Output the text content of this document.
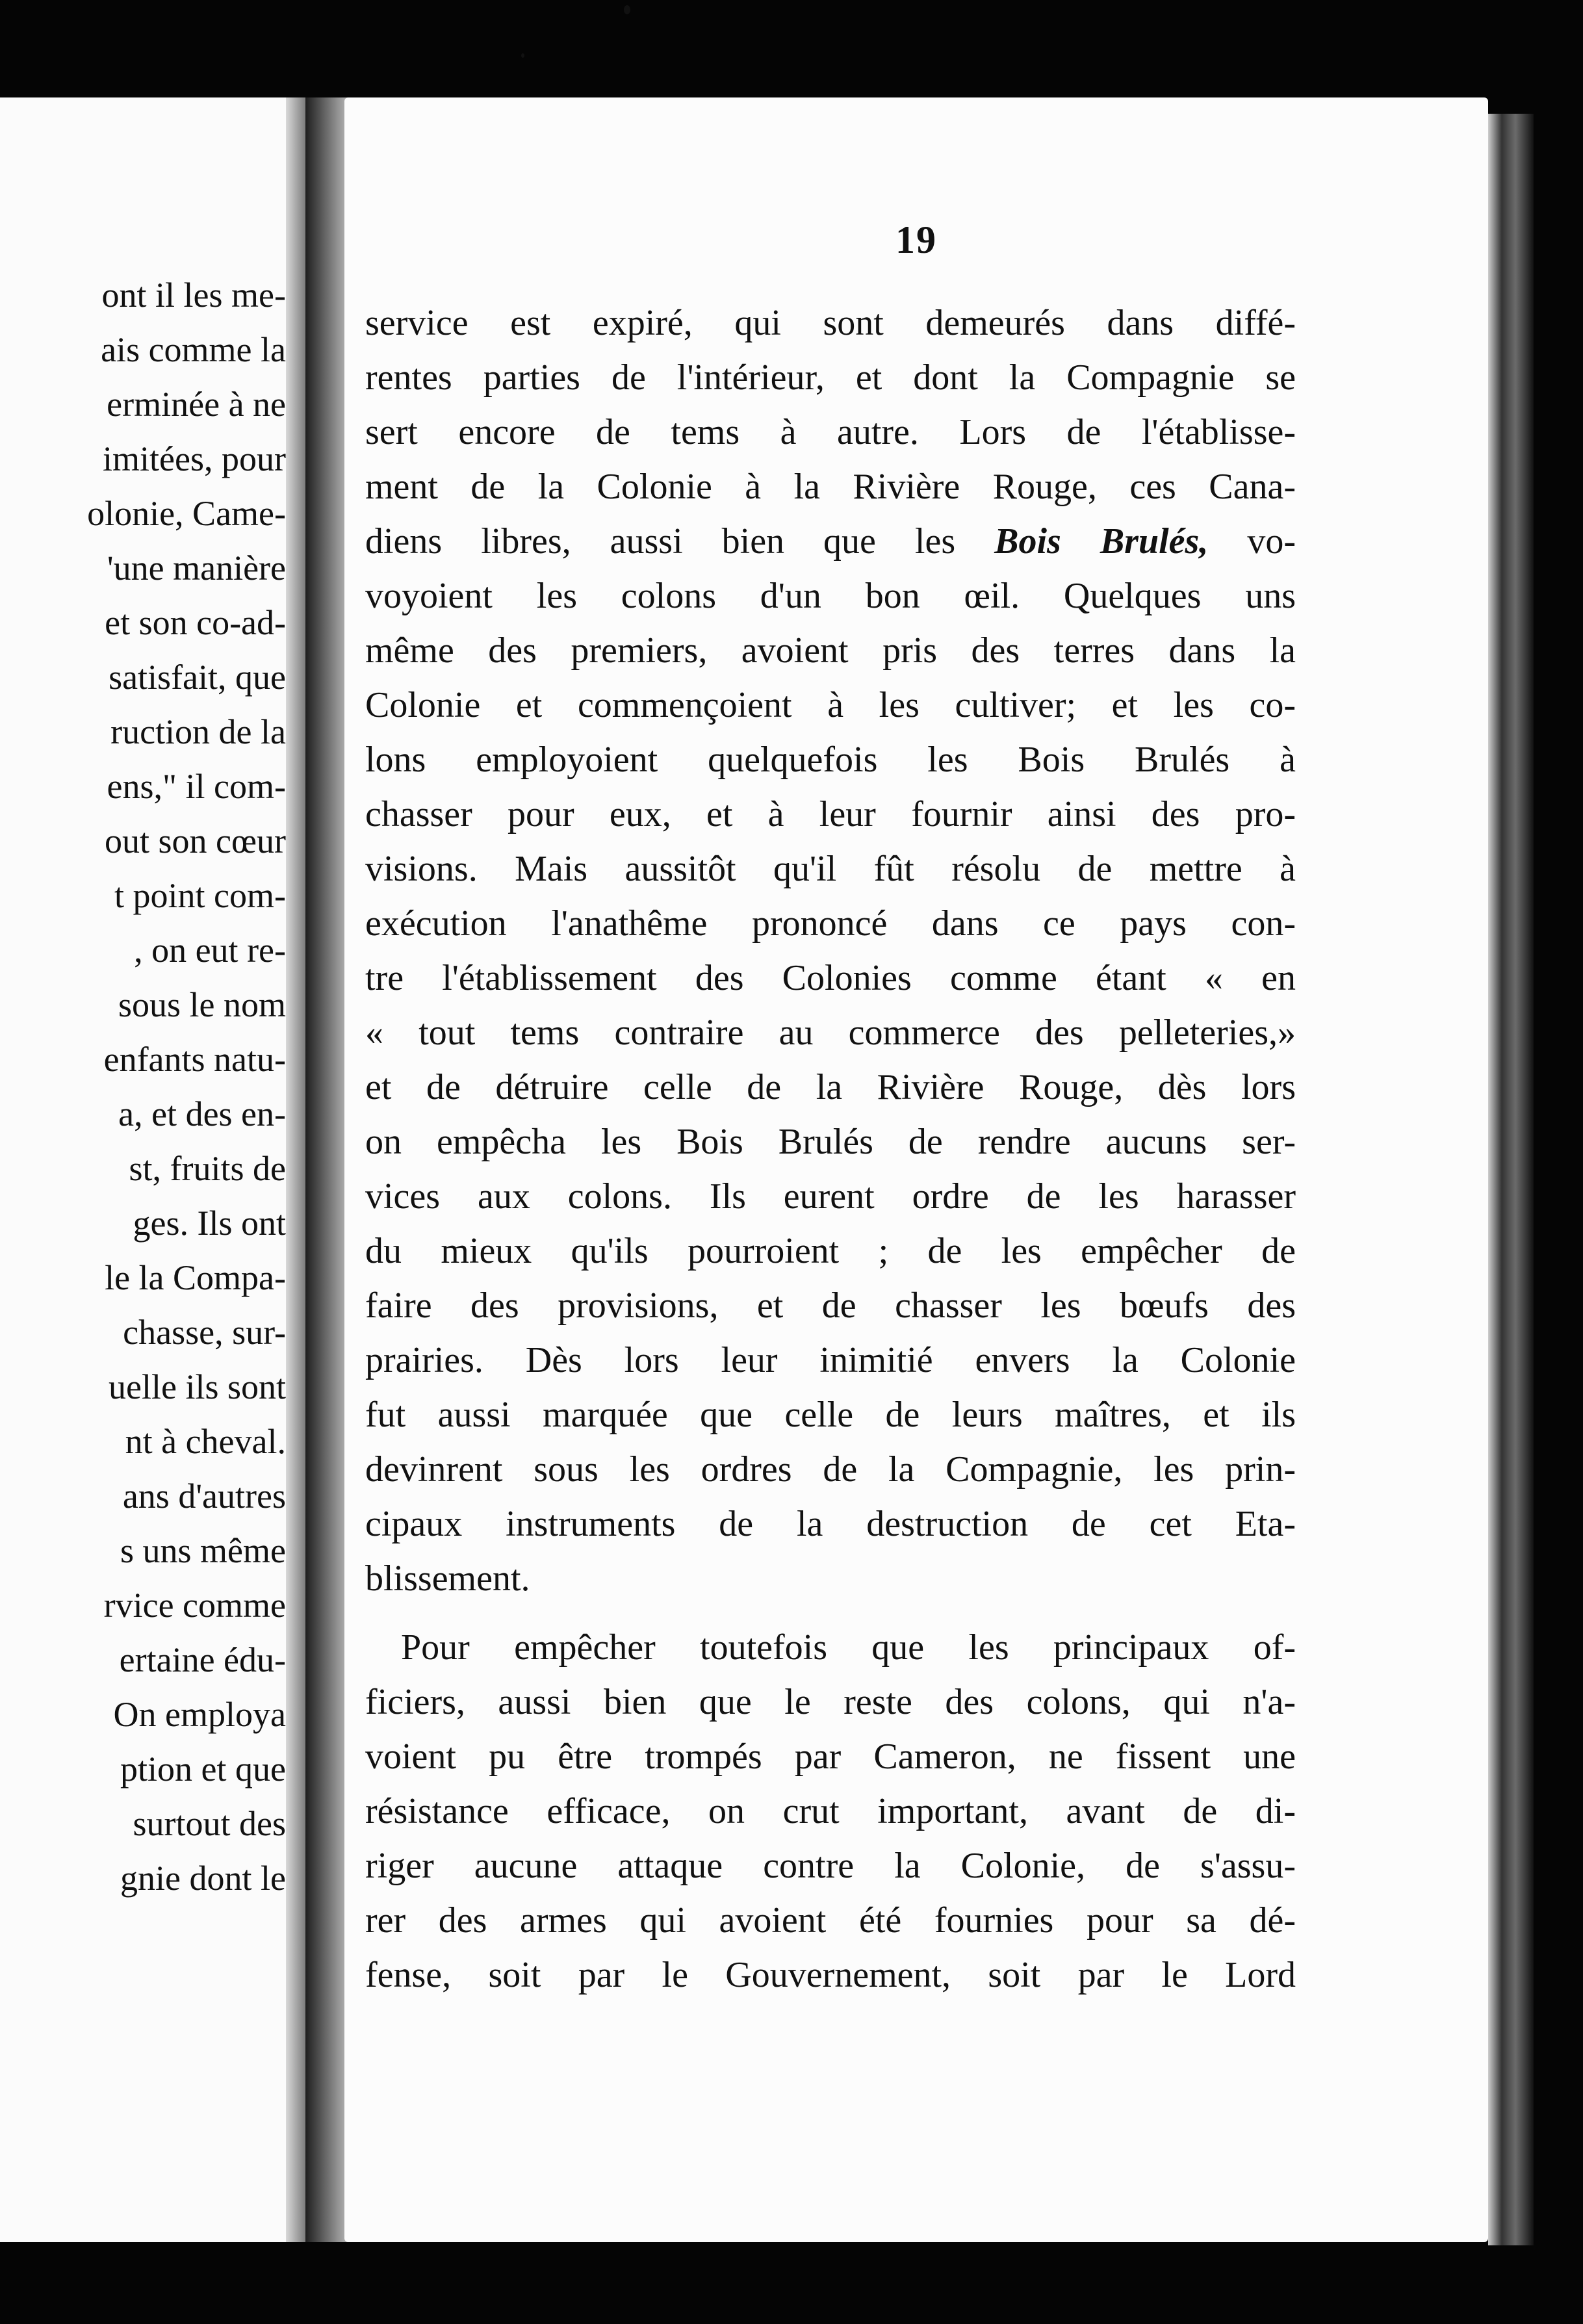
ont il les me-
ais comme la
erminée à ne
imitées, pour
olonie, Came-
'une manière
et son co-ad-
satisfait, que
ruction de la
ens," il com-
out son cœur
t point com-
, on eut re-
sous le nom
enfants natu-
a, et des en-
st, fruits de
ges. Ils ont
le la Compa-
chasse, sur-
uelle ils sont
nt à cheval.
ans d'autres
s uns même
rvice comme
ertaine édu-
On employa
ption et que
surtout des
gnie dont le
19
service est expiré, qui sont demeurés dans diffé-
rentes parties de l'intérieur, et dont la Compagnie se
sert encore de tems à autre. Lors de l'établisse-
ment de la Colonie à la Rivière Rouge, ces Cana-
diens libres, aussi bien que les Bois Brulés, vo-
voyoient les colons d'un bon œil. Quelques uns
même des premiers, avoient pris des terres dans la
Colonie et commençoient à les cultiver; et les co-
lons employoient quelquefois les Bois Brulés à
chasser pour eux, et à leur fournir ainsi des pro-
visions. Mais aussitôt qu'il fût résolu de mettre à
exécution l'anathême prononcé dans ce pays con-
tre l'établissement des Colonies comme étant « en
« tout tems contraire au commerce des pelleteries,»
et de détruire celle de la Rivière Rouge, dès lors
on empêcha les Bois Brulés de rendre aucuns ser-
vices aux colons. Ils eurent ordre de les harasser
du mieux qu'ils pourroient ; de les empêcher de
faire des provisions, et de chasser les bœufs des
prairies. Dès lors leur inimitié envers la Colonie
fut aussi marquée que celle de leurs maîtres, et ils
devinrent sous les ordres de la Compagnie, les prin-
cipaux instruments de la destruction de cet Eta-
blissement.
Pour empêcher toutefois que les principaux of-
ficiers, aussi bien que le reste des colons, qui n'a-
voient pu être trompés par Cameron, ne fissent une
résistance efficace, on crut important, avant de di-
riger aucune attaque contre la Colonie, de s'assu-
rer des armes qui avoient été fournies pour sa dé-
fense, soit par le Gouvernement, soit par le Lord
